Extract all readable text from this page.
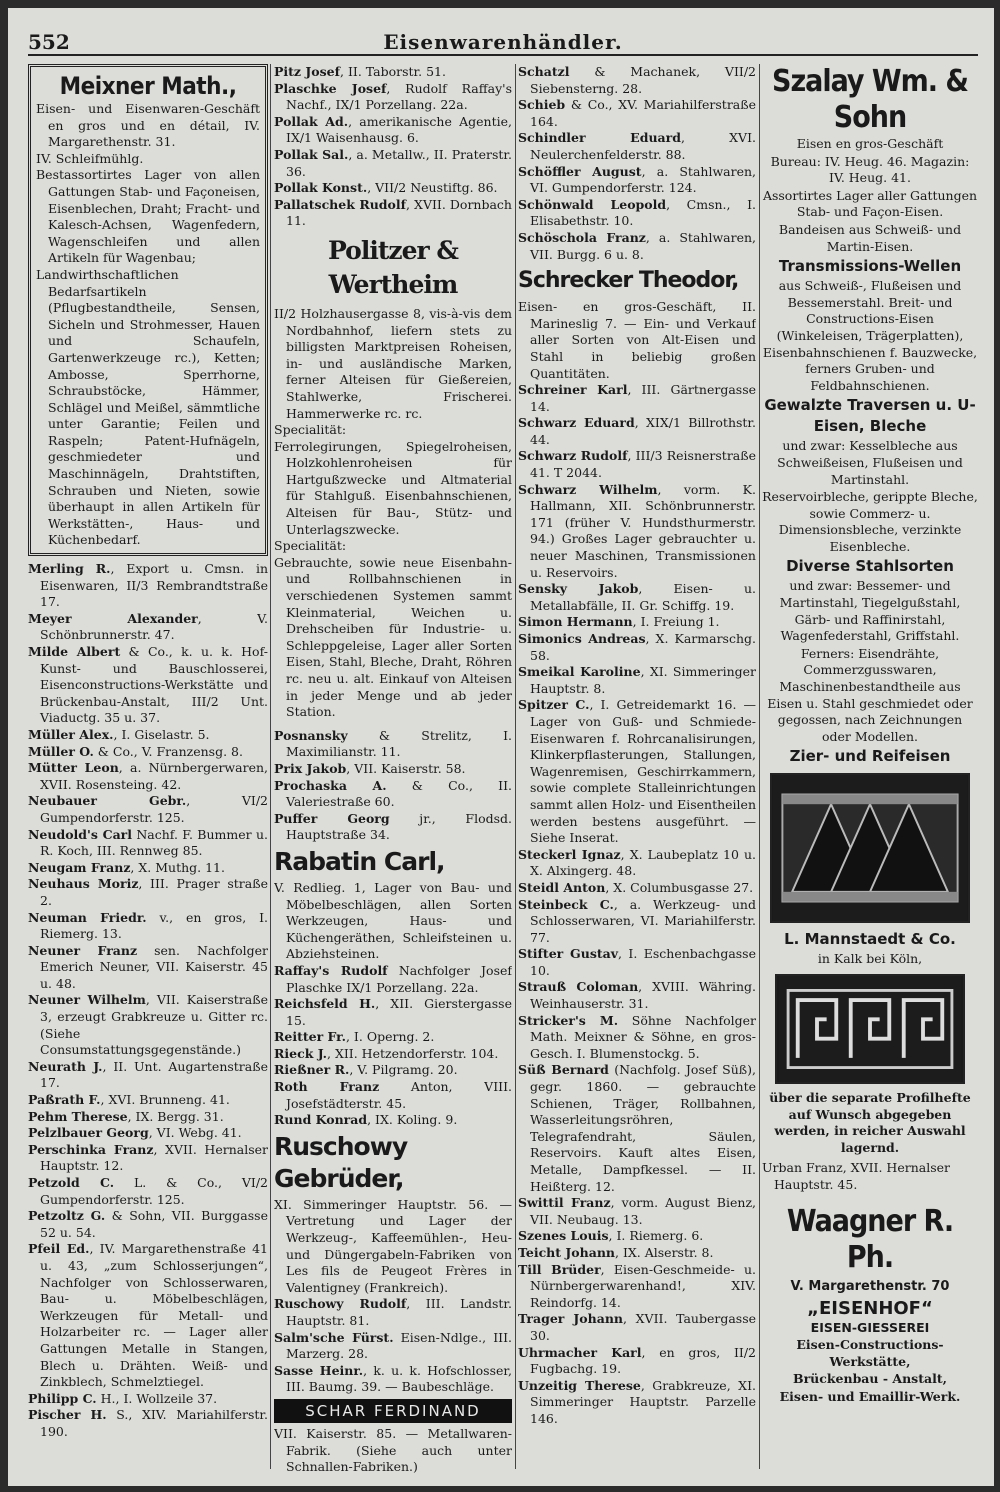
552	Eisenwarenhändler.
Meixner Math.,

Eisen- und Eisenwaren-Geschäft en gros und en détail, IV. Margarethenstr. 31.

IV. Schleifmühlg.

Bestassortirtes Lager von allen Gattungen Stab- und Façoneisen, Eisenblechen, Draht; Fracht- und Kalesch-Achsen, Wagenfedern, Wagenschleifen und allen Artikeln für Wagenbau;

Landwirthschaftlichen Bedarfsartikeln (Pflugbestandtheile, Sensen, Sicheln und Strohmesser, Hauen und Schaufeln, Gartenwerkzeuge rc.), Ketten; Ambosse, Sperrhorne, Schraubstöcke, Hämmer, Schlägel und Meißel, sämmtliche unter Garantie; Feilen und Raspeln; Patent-Hufnägeln, geschmiedeter und Maschinnägeln, Drahtstiften, Schrauben und Nieten, sowie überhaupt in allen Artikeln für Werkstätten-, Haus- und Küchenbedarf.

Merling R., Export u. Cmsn. in Eisenwaren, II/3 Rembrandtstraße 17.

Meyer Alexander, V. Schönbrunnerstr. 47.

Milde Albert & Co., k. u. k. Hof-Kunst- und Bauschlosserei, Eisenconstructions-Werkstätte und Brückenbau-Anstalt, III/2 Unt. Viaductg. 35 u. 37.

Müller Alex., I. Giselastr. 5.

Müller O. & Co., V. Franzensg. 8.

Mütter Leon, a. Nürnbergerwaren, XVII. Rosensteing. 42.

Neubauer Gebr., VI/2 Gumpendorferstr. 125.

Neudold's Carl Nachf. F. Bummer u. R. Koch, III. Rennweg 85.

Neugam Franz, X. Muthg. 11.

Neuhaus Moriz, III. Prager straße 2.

Neuman Friedr. v., en gros, I. Riemerg. 13.

Neuner Franz sen. Nachfolger Emerich Neuner, VII. Kaiserstr. 45 u. 48.

Neuner Wilhelm, VII. Kaiserstraße 3, erzeugt Grabkreuze u. Gitter rc. (Siehe Consumstattungsgegenstände.)

Neurath J., II. Unt. Augartenstraße 17.

Paßrath F., XVI. Brunneng. 41.

Pehm Therese, IX. Bergg. 31.

Pelzlbauer Georg, VI. Webg. 41.

Perschinka Franz, XVII. Hernalser Hauptstr. 12.

Petzold C. L. & Co., VI/2 Gumpendorferstr. 125.

Petzoltz G. & Sohn, VII. Burggasse 52 u. 54.

Pfeil Ed., IV. Margarethenstraße 41 u. 43, „zum Schlosserjungen“, Nachfolger von Schlosserwaren, Bau- u. Möbelbeschlägen, Werkzeugen für Metall- und Holzarbeiter rc. — Lager aller Gattungen Metalle in Stangen, Blech u. Drähten. Weiß- und Zinkblech, Schmelztiegel.

Philipp C. H., I. Wollzeile 37.

Pischer H. S., XIV. Mariahilferstr. 190.

Pitz Josef, II. Taborstr. 51.

Plaschke Josef, Rudolf Raffay's Nachf., IX/1 Porzellang. 22a.

Pollak Ad., amerikanische Agentie, IX/1 Waisenhausg. 6.

Pollak Sal., a. Metallw., II. Praterstr. 36.

Pollak Konst., VII/2 Neustiftg. 86.

Pallatschek Rudolf, XVII. Dornbach 11.

Politzer & Wertheim

II/2 Holzhausergasse 8, vis-à-vis dem Nordbahnhof, liefern stets zu billigsten Marktpreisen Roheisen, in- und ausländische Marken, ferner Alteisen für Gießereien, Stahlwerke, Frischerei. Hammerwerke rc. rc.

Specialität:

Ferrolegirungen, Spiegelroheisen, Holzkohlenroheisen für Hartgußzwecke und Altmaterial für Stahlguß. Eisenbahnschienen, Alteisen für Bau-, Stütz- und Unterlagszwecke.

Specialität:

Gebrauchte, sowie neue Eisenbahn- und Rollbahnschienen in verschiedenen Systemen sammt Kleinmaterial, Weichen u. Drehscheiben für Industrie- u. Schleppgeleise, Lager aller Sorten Eisen, Stahl, Bleche, Draht, Röhren rc. neu u. alt. Einkauf von Alteisen in jeder Menge und ab jeder Station.

Posnansky & Strelitz, I. Maximilianstr. 11.

Prix Jakob, VII. Kaiserstr. 58.

Prochaska A. & Co., II. Valeriestraße 60.

Puffer Georg jr., Flodsd. Hauptstraße 34.

Rabatin Carl,

V. Redlieg. 1, Lager von Bau- und Möbelbeschlägen, allen Sorten Werkzeugen, Haus- und Küchengeräthen, Schleifsteinen u. Abziehsteinen.

Raffay's Rudolf Nachfolger Josef Plaschke IX/1 Porzellang. 22a.

Reichsfeld H., XII. Gierstergasse 15.

Reitter Fr., I. Operng. 2.

Rieck J., XII. Hetzendorferstr. 104.

Rießner R., V. Pilgramg. 20.

Roth Franz Anton, VIII. Josefstädterstr. 45.

Rund Konrad, IX. Koling. 9.

Ruschowy Gebrüder,

XI. Simmeringer Hauptstr. 56. — Vertretung und Lager der Werkzeug-, Kaffeemühlen-, Heu- und Düngergabeln-Fabriken von Les fils de Peugeot Frères in Valentigney (Frankreich).

Ruschowy Rudolf, III. Landstr. Hauptstr. 81.

Salm'sche Fürst. Eisen-Ndlge., III. Marzerg. 28.

Sasse Heinr., k. u. k. Hofschlosser, III. Baumg. 39. — Baubeschläge.

SCHAR FERDINAND

VII. Kaiserstr. 85. — Metallwaren-Fabrik. (Siehe auch unter Schnallen-Fabriken.)

Schatzl & Machanek, VII/2 Siebensterng. 28.

Schieb & Co., XV. Mariahilferstraße 164.

Schindler Eduard, XVI. Neulerchenfelderstr. 88.

Schöffler August, a. Stahlwaren, VI. Gumpendorferstr. 124.

Schönwald Leopold, Cmsn., I. Elisabethstr. 10.

Schöschola Franz, a. Stahlwaren, VII. Burgg. 6 u. 8.

Schrecker Theodor,

Eisen- en gros-Geschäft, II. Marineslig 7. — Ein- und Verkauf aller Sorten von Alt-Eisen und Stahl in beliebig großen Quantitäten.

Schreiner Karl, III. Gärtnergasse 14.

Schwarz Eduard, XIX/1 Billrothstr. 44.

Schwarz Rudolf, III/3 Reisnerstraße 41. T 2044.

Schwarz Wilhelm, vorm. K. Hallmann, XII. Schönbrunnerstr. 171 (früher V. Hundsthurmerstr. 94.) Großes Lager gebrauchter u. neuer Maschinen, Transmissionen u. Reservoirs.

Sensky Jakob, Eisen- u. Metallabfälle, II. Gr. Schiffg. 19.

Simon Hermann, I. Freiung 1.

Simonics Andreas, X. Karmarschg. 58.

Smeikal Karoline, XI. Simmeringer Hauptstr. 8.

Spitzer C., I. Getreidemarkt 16. — Lager von Guß- und Schmiede-Eisenwaren f. Rohrcanalisirungen, Klinkerpflasterungen, Stallungen, Wagenremisen, Geschirrkammern, sowie complete Stalleinrichtungen sammt allen Holz- und Eisentheilen werden bestens ausgeführt. — Siehe Inserat.

Steckerl Ignaz, X. Laubeplatz 10 u. X. Alxingerg. 48.

Steidl Anton, X. Columbusgasse 27.

Steinbeck C., a. Werkzeug- und Schlosserwaren, VI. Mariahilferstr. 77.

Stifter Gustav, I. Eschenbachgasse 10.

Strauß Coloman, XVIII. Währing. Weinhauserstr. 31.

Stricker's M. Söhne Nachfolger Math. Meixner & Söhne, en gros-Gesch. I. Blumenstockg. 5.

Süß Bernard (Nachfolg. Josef Süß), gegr. 1860. — gebrauchte Schienen, Träger, Rollbahnen, Wasserleitungsröhren, Telegrafendraht, Säulen, Reservoirs. Kauft altes Eisen, Metalle, Dampfkessel. — II. Heißterg. 12.

Swittil Franz, vorm. August Bienz, VII. Neubaug. 13.

Szenes Louis, I. Riemerg. 6.

Teicht Johann, IX. Alserstr. 8.

Till Brüder, Eisen-Geschmeide- u. Nürnbergerwarenhand!, XIV. Reindorfg. 14.

Trager Johann, XVII. Taubergasse 30.

Uhrmacher Karl, en gros, II/2 Fugbachg. 19.

Unzeitig Therese, Grabkreuze, XI. Simmeringer Hauptstr. Parzelle 146.

Szalay Wm. & Sohn

Eisen en gros-Geschäft

Bureau: IV. Heug. 46. Magazin: IV. Heug. 41.

Assortirtes Lager aller Gattungen Stab- und Façon-Eisen.

Bandeisen aus Schweiß- und Martin-Eisen.

Transmissions-Wellen

aus Schweiß-, Flußeisen und Bessemerstahl. Breit- und Constructions-Eisen (Winkeleisen, Trägerplatten), Eisenbahnschienen f. Bauzwecke, ferners Gruben- und Feldbahnschienen.

Gewalzte Traversen u. U-Eisen, Bleche

und zwar: Kesselbleche aus Schweißeisen, Flußeisen und Martinstahl.

Reservoirbleche, gerippte Bleche, sowie Commerz- u. Dimensionsbleche, verzinkte Eisenbleche.

Diverse Stahlsorten

und zwar: Bessemer- und Martinstahl, Tiegelgußstahl, Gärb- und Raffinirstahl, Wagenfederstahl, Griffstahl.

Ferners: Eisendrähte, Commerzgusswaren, Maschinenbestandtheile aus Eisen u. Stahl geschmiedet oder gegossen, nach Zeichnungen oder Modellen.

Zier- und Reifeisen

L. Mannstaedt & Co.

in Kalk bei Köln,

über die separate Profilhefte auf Wunsch abgegeben werden, in reicher Auswahl lagernd.

Urban Franz, XVII. Hernalser Hauptstr. 45.

Waagner R. Ph.

V. Margarethenstr. 70

„EISENHOF“

EISEN-GIESSEREI

Eisen-Constructions-Werkstätte,

Brückenbau - Anstalt,

Eisen- und Emaillir-Werk.
